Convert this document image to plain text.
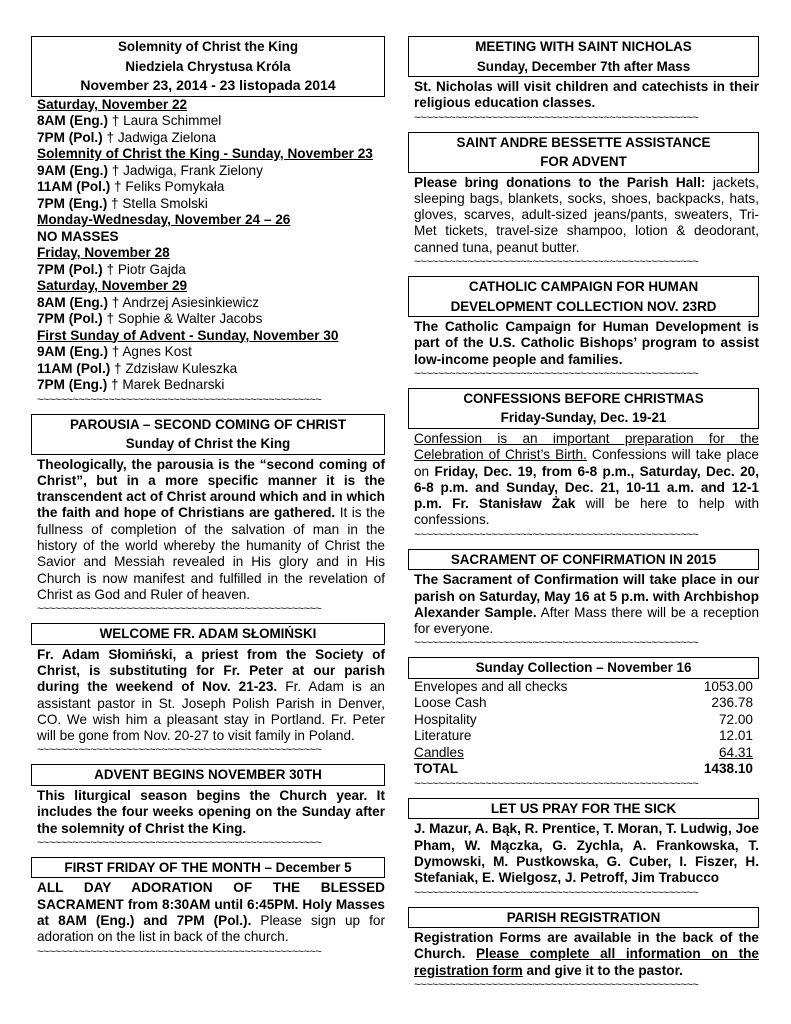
Solemnity of Christ the King
Niedziela Chrystusa Króla
November 23, 2014 - 23 listopada 2014
Saturday, November 22
8AM (Eng.) † Laura Schimmel
7PM (Pol.) † Jadwiga Zielona
Solemnity of Christ the King - Sunday, November 23
9AM (Eng.) † Jadwiga, Frank Zielony
11AM (Pol.) † Feliks Pomykała
7PM (Eng.) † Stella Smolski
Monday-Wednesday, November 24 – 26
NO MASSES
Friday, November 28
7PM (Pol.) † Piotr Gajda
Saturday, November 29
8AM (Eng.) † Andrzej Asiesinkiewicz
7PM (Pol.) † Sophie & Walter Jacobs
First Sunday of Advent - Sunday, November 30
9AM (Eng.) † Agnes Kost
11AM (Pol.) † Zdzisław Kuleszka
7PM (Eng.) † Marek Bednarski
~~~~~~~~~~~~~~~~~~~~~~~~~~~~~~~~~~~~~~~~~~~~~~~~
PAROUSIA – SECOND COMING OF CHRIST
Sunday of Christ the King
Theologically, the parousia is the “second coming of Christ”, but in a more specific manner it is the transcendent act of Christ around which and in which the faith and hope of Christians are gathered. It is the fullness of completion of the salvation of man in the history of the world whereby the humanity of Christ the Savior and Messiah revealed in His glory and in His Church is now manifest and fulfilled in the revelation of Christ as God and Ruler of heaven.
~~~~~~~~~~~~~~~~~~~~~~~~~~~~~~~~~~~~~~~~~~~~~~~~
WELCOME FR. ADAM SŁOMIŃSKI
Fr. Adam Słomiński, a priest from the Society of Christ, is substituting for Fr. Peter at our parish during the weekend of Nov. 21-23. Fr. Adam is an assistant pastor in St. Joseph Polish Parish in Denver, CO. We wish him a pleasant stay in Portland. Fr. Peter will be gone from Nov. 20-27 to visit family in Poland.
~~~~~~~~~~~~~~~~~~~~~~~~~~~~~~~~~~~~~~~~~~~~~~~~
ADVENT BEGINS NOVEMBER 30TH
This liturgical season begins the Church year. It includes the four weeks opening on the Sunday after the solemnity of Christ the King.
~~~~~~~~~~~~~~~~~~~~~~~~~~~~~~~~~~~~~~~~~~~~~~~~
FIRST FRIDAY OF THE MONTH – December 5
ALL DAY ADORATION OF THE BLESSED SACRAMENT from 8:30AM until 6:45PM. Holy Masses at 8AM (Eng.) and 7PM (Pol.). Please sign up for adoration on the list in back of the church.
~~~~~~~~~~~~~~~~~~~~~~~~~~~~~~~~~~~~~~~~~~~~~~~~
MEETING WITH SAINT NICHOLAS
Sunday, December 7th after Mass
St. Nicholas will visit children and catechists in their religious education classes.
~~~~~~~~~~~~~~~~~~~~~~~~~~~~~~~~~~~~~~~~~~~~~~~~
SAINT ANDRE BESSETTE ASSISTANCE
FOR ADVENT
Please bring donations to the Parish Hall: jackets, sleeping bags, blankets, socks, shoes, backpacks, hats, gloves, scarves, adult-sized jeans/pants, sweaters, Tri-Met tickets, travel-size shampoo, lotion & deodorant, canned tuna, peanut butter.
~~~~~~~~~~~~~~~~~~~~~~~~~~~~~~~~~~~~~~~~~~~~~~~~
CATHOLIC CAMPAIGN FOR HUMAN
DEVELOPMENT COLLECTION NOV. 23RD
The Catholic Campaign for Human Development is part of the U.S. Catholic Bishops’ program to assist low-income people and families.
~~~~~~~~~~~~~~~~~~~~~~~~~~~~~~~~~~~~~~~~~~~~~~~~
CONFESSIONS BEFORE CHRISTMAS
Friday-Sunday, Dec. 19-21
Confession is an important preparation for the Celebration of Christ’s Birth. Confessions will take place on Friday, Dec. 19, from 6-8 p.m., Saturday, Dec. 20, 6-8 p.m. and Sunday, Dec. 21, 10-11 a.m. and 12-1 p.m. Fr. Stanisław Żak will be here to help with confessions.
~~~~~~~~~~~~~~~~~~~~~~~~~~~~~~~~~~~~~~~~~~~~~~~~
SACRAMENT OF CONFIRMATION IN 2015
The Sacrament of Confirmation will take place in our parish on Saturday, May 16 at 5 p.m. with Archbishop Alexander Sample. After Mass there will be a reception for everyone.
~~~~~~~~~~~~~~~~~~~~~~~~~~~~~~~~~~~~~~~~~~~~~~~~
Sunday Collection – November 16
Envelopes and all checks	1053.00
Loose Cash	236.78
Hospitality	72.00
Literature	12.01
Candles	64.31
TOTAL	1438.10
~~~~~~~~~~~~~~~~~~~~~~~~~~~~~~~~~~~~~~~~~~~~~~~~
LET US PRAY FOR THE SICK
J. Mazur, A. Bąk, R. Prentice, T. Moran, T. Ludwig, Joe Pham, W. Mączka, G. Zychla, A. Frankowska, T. Dymowski, M. Pustkowska, G. Cuber, I. Fiszer, H. Stefaniak, E. Wielgosz, J. Petroff, Jim Trabucco
~~~~~~~~~~~~~~~~~~~~~~~~~~~~~~~~~~~~~~~~~~~~~~~~
PARISH REGISTRATION
Registration Forms are available in the back of the Church. Please complete all information on the registration form and give it to the pastor.
~~~~~~~~~~~~~~~~~~~~~~~~~~~~~~~~~~~~~~~~~~~~~~~~
